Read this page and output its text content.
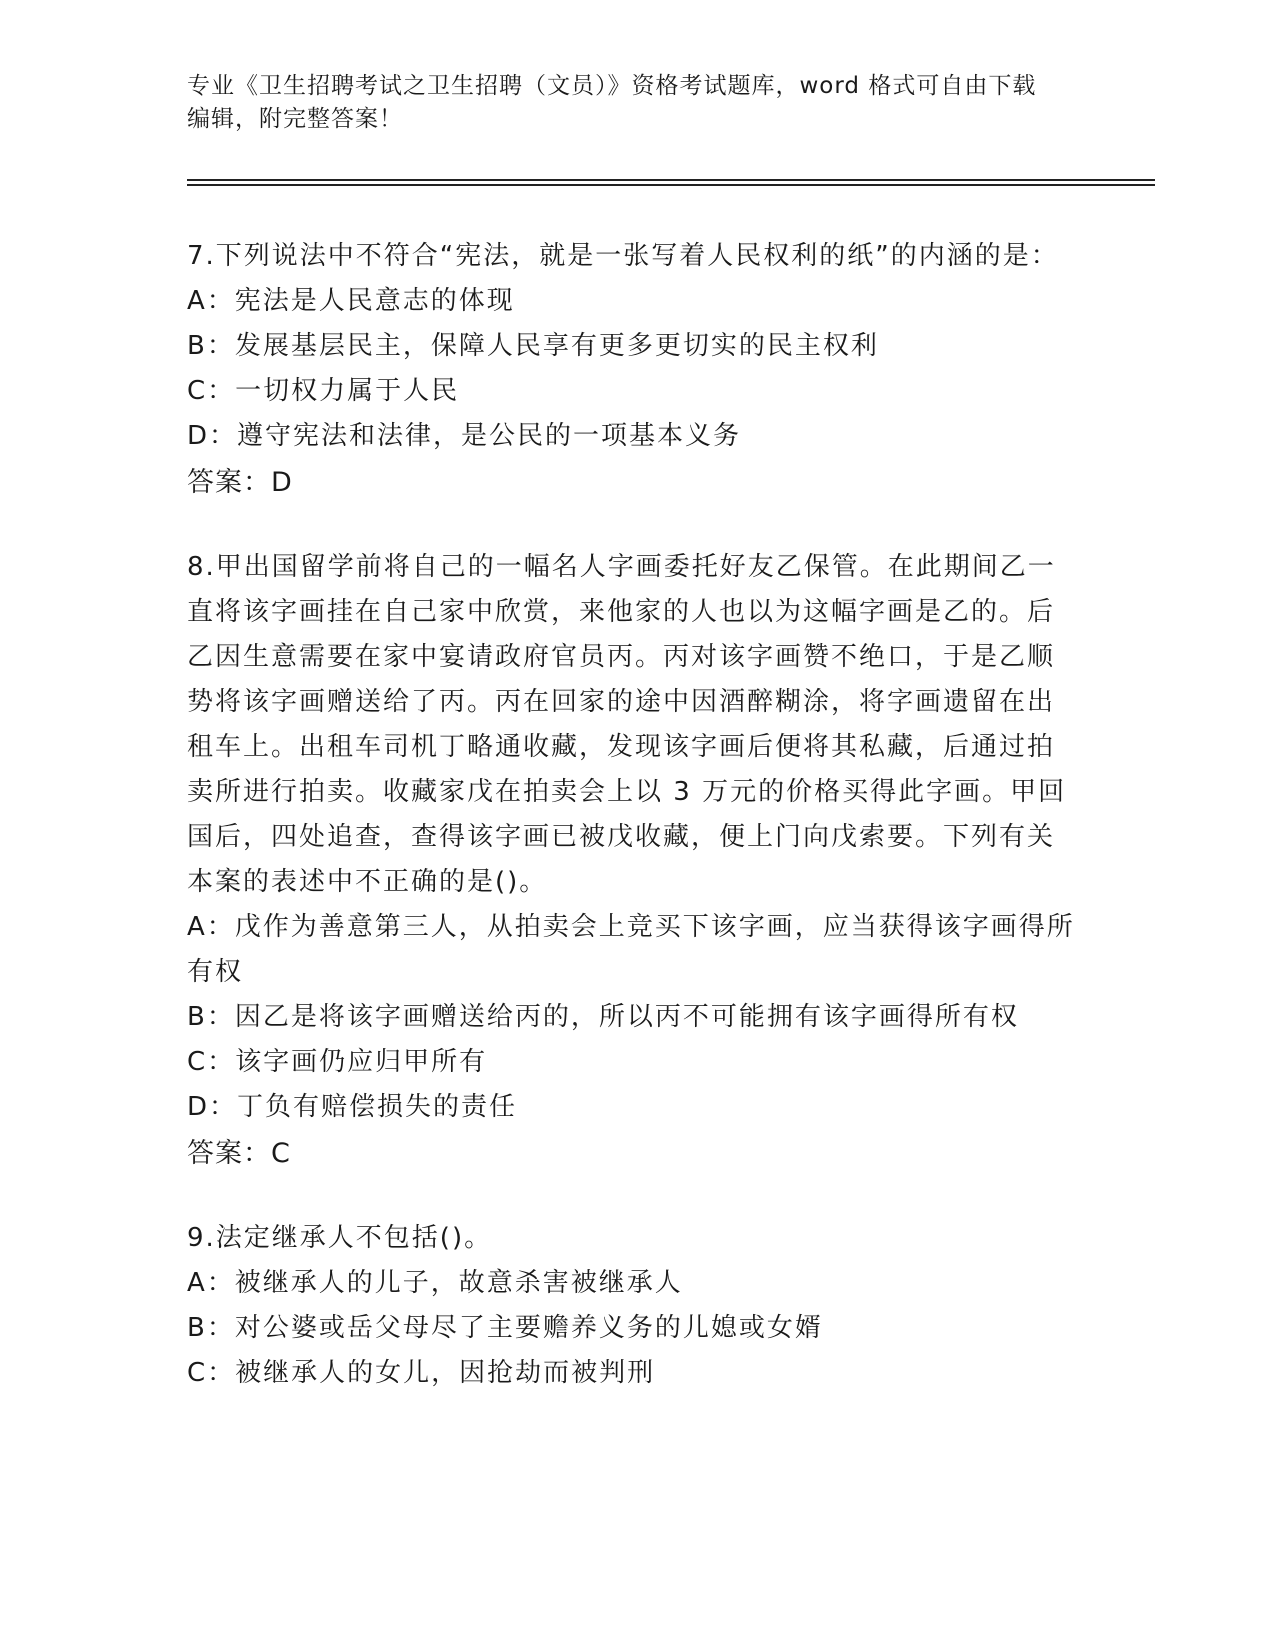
专业《卫生招聘考试之卫生招聘（文员）》资格考试题库，word 格式可自由下载
编辑，附完整答案！
7.下列说法中不符合“宪法，就是一张写着人民权利的纸”的内涵的是：
A：宪法是人民意志的体现
B：发展基层民主，保障人民享有更多更切实的民主权利
C：一切权力属于人民
D：遵守宪法和法律，是公民的一项基本义务
答案：D
8.甲出国留学前将自己的一幅名人字画委托好友乙保管。在此期间乙一直将该字画挂在自己家中欣赏，来他家的人也以为这幅字画是乙的。后乙因生意需要在家中宴请政府官员丙。丙对该字画赞不绝口，于是乙顺势将该字画赠送给了丙。丙在回家的途中因酒醉糊涂，将字画遗留在出租车上。出租车司机丁略通收藏，发现该字画后便将其私藏，后通过拍卖所进行拍卖。收藏家戊在拍卖会上以 3 万元的价格买得此字画。甲回国后，四处追查，查得该字画已被戊收藏，便上门向戊索要。下列有关本案的表述中不正确的是()。
A：戊作为善意第三人，从拍卖会上竞买下该字画，应当获得该字画得所有权
B：因乙是将该字画赠送给丙的，所以丙不可能拥有该字画得所有权
C：该字画仍应归甲所有
D：丁负有赔偿损失的责任
答案：C
9.法定继承人不包括()。
A：被继承人的儿子，故意杀害被继承人
B：对公婆或岳父母尽了主要赡养义务的儿媳或女婿
C：被继承人的女儿，因抢劫而被判刑
